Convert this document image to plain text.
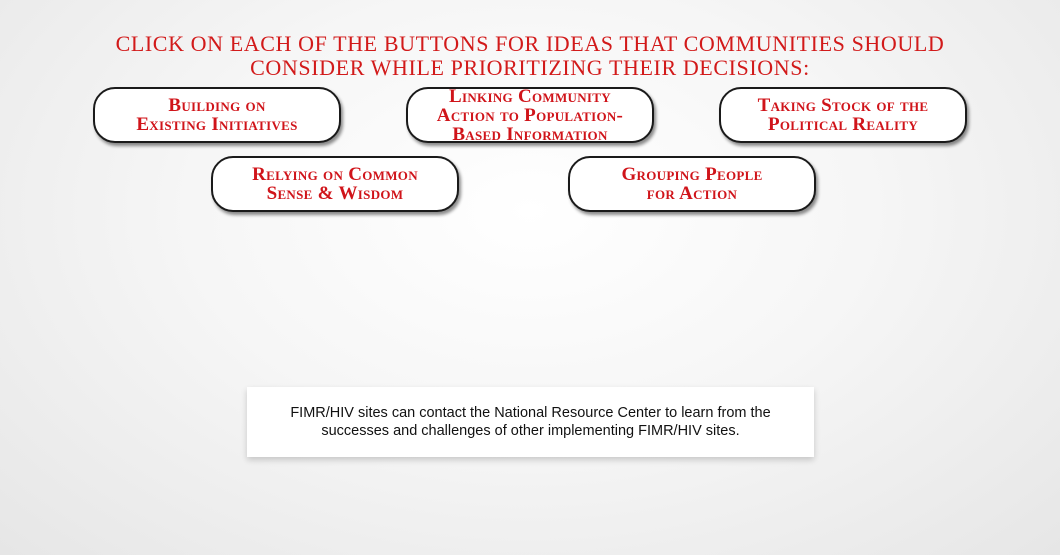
CLICK ON EACH OF THE BUTTONS FOR IDEAS THAT COMMUNITIES SHOULD
CONSIDER WHILE PRIORITIZING THEIR DECISIONS:
Building on
Existing Initiatives
Linking Community
Action to Population-
Based Information
Taking Stock of the
Political Reality
Relying on Common
Sense & Wisdom
Grouping People
for Action
FIMR/HIV sites can contact the National Resource Center to learn from the
successes and challenges of other implementing FIMR/HIV sites.
